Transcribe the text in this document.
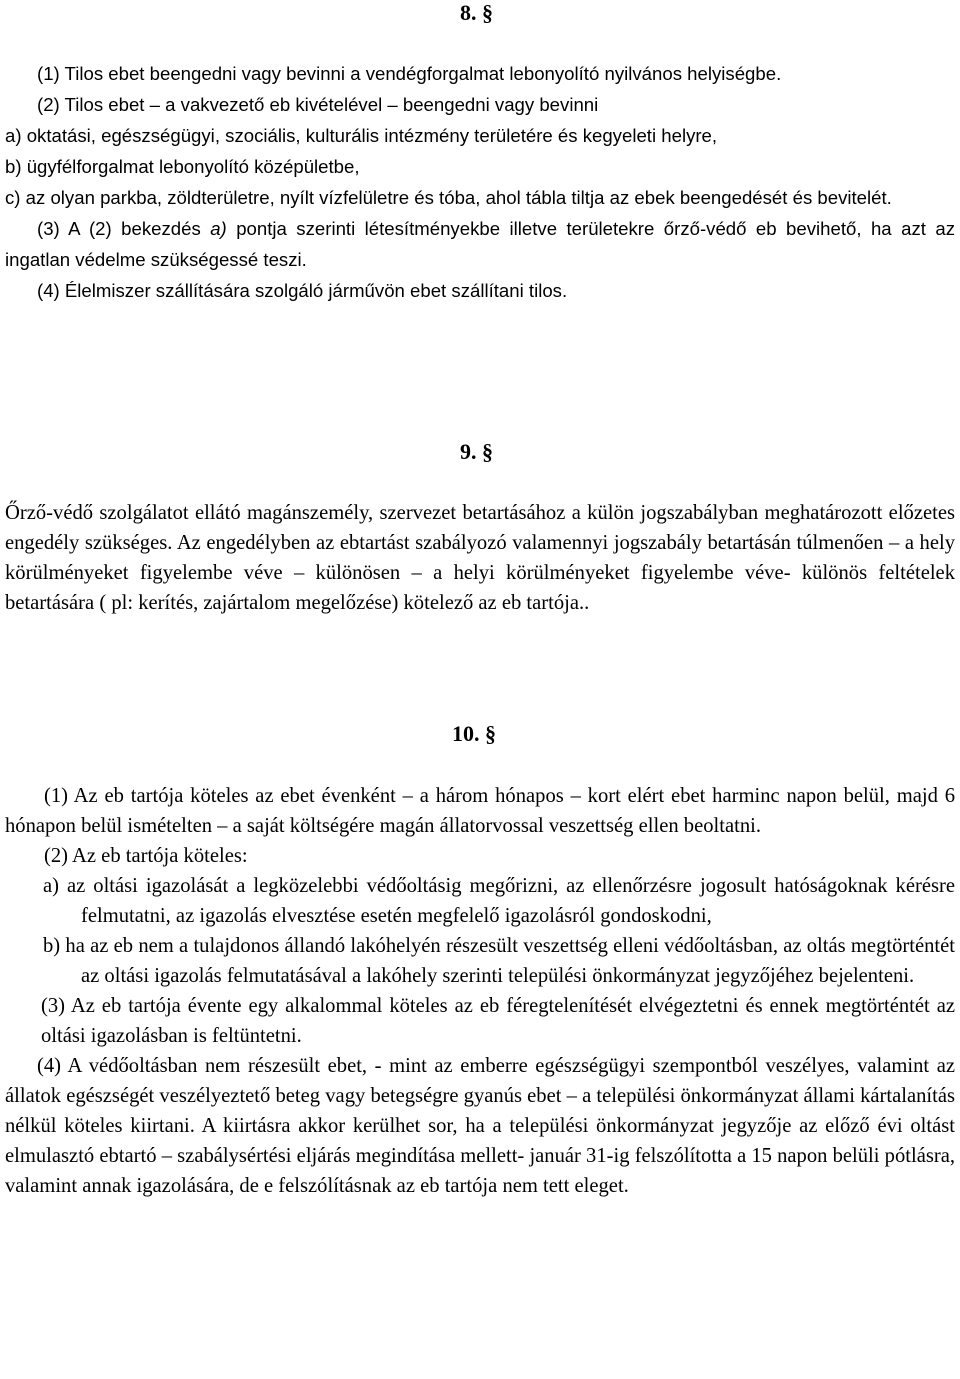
8. §

(1) Tilos ebet beengedni vagy bevinni a vendégforgalmat lebonyolító nyilvános helyiségbe.

(2) Tilos ebet – a vakvezető eb kivételével – beengedni vagy bevinni

a) oktatási, egészségügyi, szociális, kulturális intézmény területére és kegyeleti helyre,

b) ügyfélforgalmat lebonyolító középületbe,

c) az olyan parkba, zöldterületre, nyílt vízfelületre és tóba, ahol tábla tiltja az ebek beengedését és bevitelét.

(3) A (2) bekezdés a) pontja szerinti létesítményekbe illetve területekre őrző-védő eb bevihető, ha azt az ingatlan védelme szükségessé teszi.

(4) Élelmiszer szállítására szolgáló járművön ebet szállítani tilos.

9. §

Őrző-védő szolgálatot ellátó magánszemély, szervezet betartásához a külön jogszabályban meghatározott előzetes engedély szükséges. Az engedélyben az ebtartást szabályozó valamennyi jogszabály betartásán túlmenően – a hely körülményeket figyelembe véve – különösen – a helyi körülményeket figyelembe véve- különös feltételek betartására ( pl: kerítés, zajártalom megelőzése) kötelező az eb tartója..

10. §

(1) Az eb tartója köteles az ebet évenként – a három hónapos – kort elért ebet harminc napon belül, majd 6 hónapon belül ismételten – a saját költségére magán állatorvossal veszettség ellen beoltatni.

(2) Az eb tartója köteles:

a) az oltási igazolását a legközelebbi védőoltásig megőrizni, az ellenőrzésre jogosult hatóságoknak kérésre felmutatni, az igazolás elvesztése esetén megfelelő igazolásról gondoskodni,

b) ha az eb nem a tulajdonos állandó lakóhelyén részesült veszettség elleni védőoltásban, az oltás megtörténtét az oltási igazolás felmutatásával a lakóhely szerinti települési önkormányzat jegyzőjéhez bejelenteni.

(3) Az eb tartója évente egy alkalommal köteles az eb féregtelenítését elvégeztetni és ennek megtörténtét az oltási igazolásban is feltüntetni.

(4) A védőoltásban nem részesült ebet, - mint az emberre egészségügyi szempontból veszélyes, valamint az állatok egészségét veszélyeztető beteg vagy betegségre gyanús ebet – a települési önkormányzat állami kártalanítás nélkül köteles kiirtani. A kiirtásra akkor kerülhet sor, ha a települési önkormányzat jegyzője az előző évi oltást elmulasztó ebtartó – szabálysértési eljárás megindítása mellett- január 31-ig felszólította a 15 napon belüli pótlásra, valamint annak igazolására, de e felszólításnak az eb tartója nem tett eleget.
